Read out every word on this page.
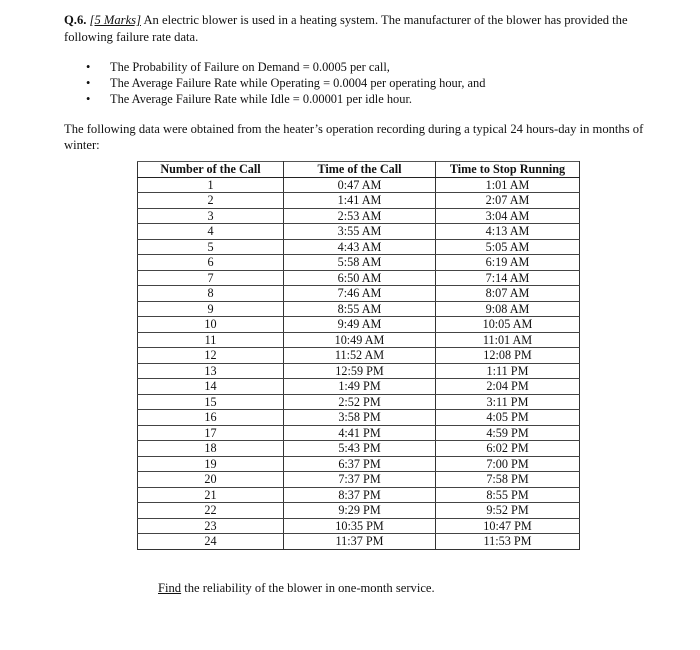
Q.6. [5 Marks] An electric blower is used in a heating system. The manufacturer of the blower has provided the following failure rate data.
• The Probability of Failure on Demand = 0.0005 per call,
• The Average Failure Rate while Operating = 0.0004 per operating hour, and
• The Average Failure Rate while Idle = 0.00001 per idle hour.
The following data were obtained from the heater’s operation recording during a typical 24 hours-day in months of winter:
Number of the Call	Time of the Call	Time to Stop Running
1	0:47 AM	1:01 AM
2	1:41 AM	2:07 AM
3	2:53 AM	3:04 AM
4	3:55 AM	4:13 AM
5	4:43 AM	5:05 AM
6	5:58 AM	6:19 AM
7	6:50 AM	7:14 AM
8	7:46 AM	8:07 AM
9	8:55 AM	9:08 AM
10	9:49 AM	10:05 AM
11	10:49 AM	11:01 AM
12	11:52 AM	12:08 PM
13	12:59 PM	1:11 PM
14	1:49 PM	2:04 PM
15	2:52 PM	3:11 PM
16	3:58 PM	4:05 PM
17	4:41 PM	4:59 PM
18	5:43 PM	6:02 PM
19	6:37 PM	7:00 PM
20	7:37 PM	7:58 PM
21	8:37 PM	8:55 PM
22	9:29 PM	9:52 PM
23	10:35 PM	10:47 PM
24	11:37 PM	11:53 PM
Find the reliability of the blower in one-month service.
